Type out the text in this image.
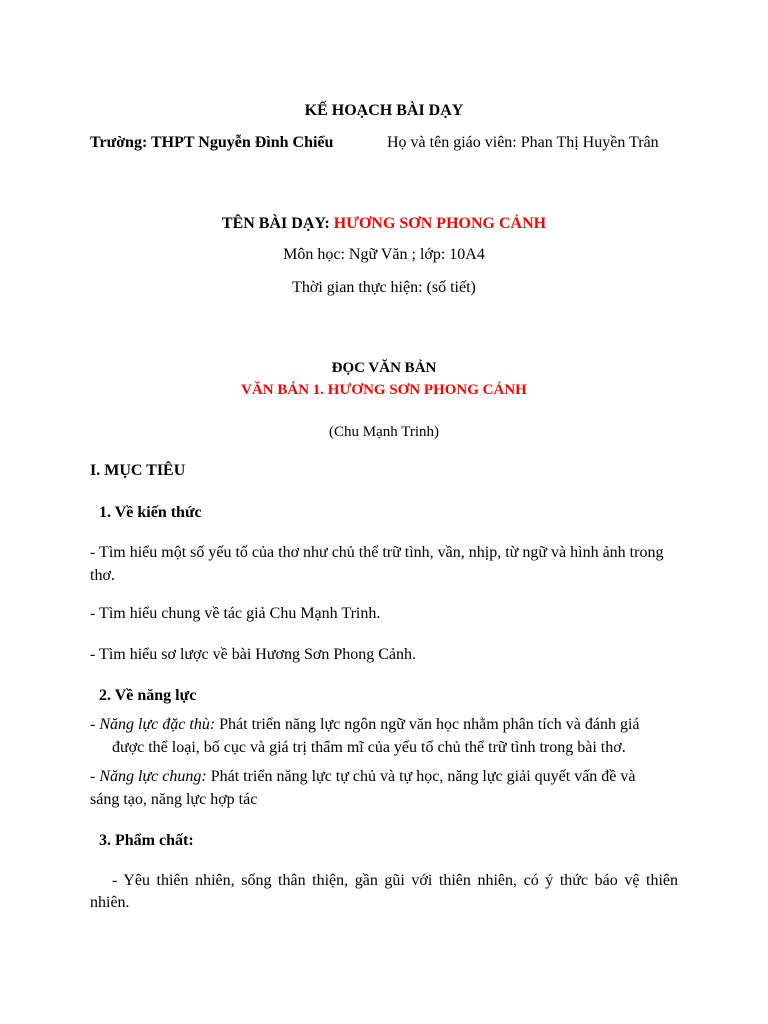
KẾ HOẠCH BÀI DẠY
Trường: THPT Nguyễn Đình Chiểu	Họ và tên giáo viên: Phan Thị Huyền Trân
TÊN BÀI DẠY: HƯƠNG SƠN PHONG CẢNH
Môn học: Ngữ Văn ; lớp: 10A4
Thời gian thực hiện: (số tiết)
ĐỌC VĂN BẢN
VĂN BẢN 1. HƯƠNG SƠN PHONG CẢNH
(Chu Mạnh Trinh)
I. MỤC TIÊU
1. Về kiến thức
- Tìm hiểu một số yếu tố của thơ như chủ thể trữ tình, vần, nhịp, từ ngữ và hình ảnh trong thơ.
- Tìm hiểu chung về tác giả Chu Mạnh Trinh.
- Tìm hiểu sơ lược về bài Hương Sơn Phong Cảnh.
2. Về năng lực
- Năng lực đặc thù: Phát triển năng lực ngôn ngữ văn học nhằm phân tích và đánh giá
được thể loại, bố cục và giá trị thẩm mĩ của yếu tố chủ thể trữ tình trong bài thơ.
- Năng lực chung: Phát triển năng lực tự chủ và tự học, năng lực giải quyết vấn đề và
sáng tạo, năng lực hợp tác
3. Phẩm chất:
- Yêu thiên nhiên, sống thân thiện, gần gũi với thiên nhiên, có ý thức báo vệ thiên
nhiên.
